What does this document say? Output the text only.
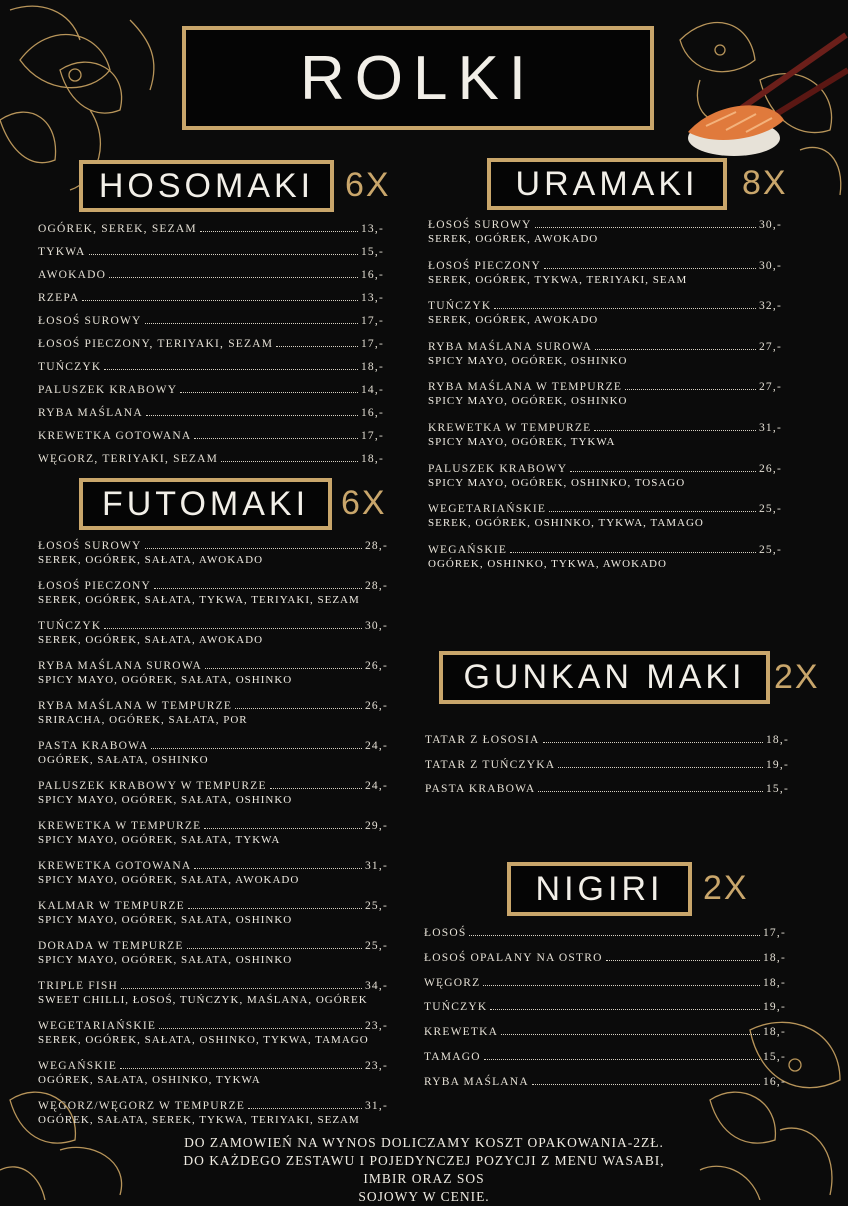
ROLKI
HOSOMAKI 6X
OGÓREK, SEREK, SEZAM	13,-
TYKWA	15,-
AWOKADO	16,-
RZEPA	13,-
ŁOSOŚ SUROWY	17,-
ŁOSOŚ PIECZONY, TERIYAKI, SEZAM	17,-
TUŃCZYK	18,-
PALUSZEK KRABOWY	14,-
RYBA MAŚLANA	16,-
KREWETKA GOTOWANA	17,-
WĘGORZ, TERIYAKI, SEZAM	18,-
FUTOMAKI 6X
ŁOSOŚ SUROWY	28,-
SEREK, OGÓREK, SAŁATA, AWOKADO
ŁOSOŚ PIECZONY	28,-
SEREK, OGÓREK, SAŁATA, TYKWA, TERIYAKI, SEZAM
TUŃCZYK	30,-
SEREK, OGÓREK, SAŁATA, AWOKADO
RYBA MAŚLANA SUROWA	26,-
SPICY MAYO, OGÓREK, SAŁATA, OSHINKO
RYBA MAŚLANA W TEMPURZE	26,-
SRIRACHA, OGÓREK, SAŁATA, POR
PASTA KRABOWA	24,-
OGÓREK, SAŁATA, OSHINKO
PALUSZEK KRABOWY W TEMPURZE	24,-
SPICY MAYO, OGÓREK, SAŁATA, OSHINKO
KREWETKA W TEMPURZE	29,-
SPICY MAYO, OGÓREK, SAŁATA, TYKWA
KREWETKA GOTOWANA	31,-
SPICY MAYO, OGÓREK, SAŁATA, AWOKADO
KALMAR W TEMPURZE	25,-
SPICY MAYO, OGÓREK, SAŁATA, OSHINKO
DORADA W TEMPURZE	25,-
SPICY MAYO, OGÓREK, SAŁATA, OSHINKO
TRIPLE FISH	34,-
SWEET CHILLI, ŁOSOŚ, TUŃCZYK, MAŚLANA, OGÓREK
WEGETARIAŃSKIE	23,-
SEREK, OGÓREK, SAŁATA, OSHINKO, TYKWA, TAMAGO
WEGAŃSKIE	23,-
OGÓREK, SAŁATA, OSHINKO, TYKWA
WĘGORZ/WĘGORZ W TEMPURZE	31,-
OGÓREK, SAŁATA, SEREK, TYKWA, TERIYAKI, SEZAM
URAMAKI	8X
ŁOSOŚ SUROWY	30,-
SEREK, OGÓREK, AWOKADO
ŁOSOŚ PIECZONY	30,-
SEREK, OGÓREK, TYKWA, TERIYAKI, SEAM
TUŃCZYK	32,-
SEREK, OGÓREK, AWOKADO
RYBA MAŚLANA SUROWA	27,-
SPICY MAYO, OGÓREK, OSHINKO
RYBA MAŚLANA W TEMPURZE	27,-
SPICY MAYO, OGÓREK, OSHINKO
KREWETKA W TEMPURZE	31,-
SPICY MAYO, OGÓREK, TYKWA
PALUSZEK KRABOWY	26,-
SPICY MAYO, OGÓREK, OSHINKO, TOSAGO
WEGETARIAŃSKIE	25,-
SEREK, OGÓREK, OSHINKO, TYKWA, TAMAGO
WEGAŃSKIE	25,-
OGÓREK, OSHINKO, TYKWA, AWOKADO
GUNKAN MAKI 2X
TATAR Z ŁOSOSIA	18,-
TATAR Z TUŃCZYKA	19,-
PASTA KRABOWA	15,-
NIGIRI	2X
ŁOSOŚ	17,-
ŁOSOŚ OPALANY NA OSTRO	18,-
WĘGORZ	18,-
TUŃCZYK	19,-
KREWETKA	18,-
TAMAGO	15,-
RYBA MAŚLANA	16,-
DO ZAMOWIEŃ NA WYNOS DOLICZAMY KOSZT OPAKOWANIA-2ZŁ.
DO KAŻDEGO ZESTAWU I POJEDYNCZEJ POZYCJI Z MENU WASABI, IMBIR ORAZ SOS
SOJOWY W CENIE.
